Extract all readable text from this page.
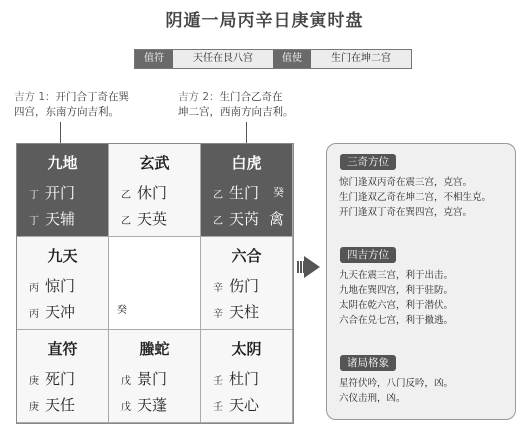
阴遁一局丙辛日庚寅时盘
值符	天任在艮八宫	值使	生门在坤二宫
吉方 1：开门合丁奇在巽
四宫，东南方向吉利。
吉方 2：生门合乙奇在
坤二宫，西南方向吉利。
九地
丁 开门
丁 天辅
玄武
乙 休门
乙 天英
白虎
乙 生门 癸
乙 天芮 禽
九天
丙 惊门
丙 天冲	癸
六合
辛 伤门
辛 天柱
直符
庚 死门
庚 天任
螣蛇
戊 景门
戊 天蓬
太阴
壬 杜门
壬 天心
三奇方位
惊门逢双丙奇在震三宫，克宫。
生门逢双乙奇在坤二宫，不相生克。
开门逢双丁奇在巽四宫，克宫。
四吉方位
九天在震三宫，利于出击。
九地在巽四宫，利于驻防。
太阴在乾六宫，利于潜伏。
六合在兑七宫，利于撤逃。
诸局格象
星符伏吟，八门反吟，凶。
六仪击刑，凶。
